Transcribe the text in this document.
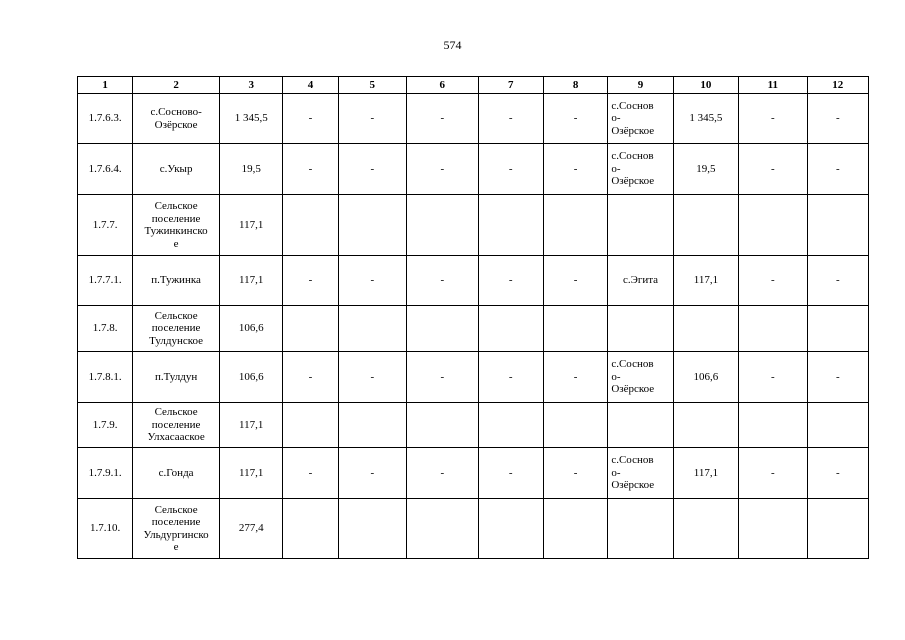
574
1	2	3	4	5	6	7	8	9	10	11	12
1.7.6.3.	с.Сосново-Озёрское	1 345,5	-	-	-	-	-	с.Соснов
о-
Озёрское	1 345,5	-	-
1.7.6.4.	с.Укыр	19,5	-	-	-	-	-	с.Соснов
о-
Озёрское	19,5	-	-
1.7.7.	Сельское
поселение
Тужинкинско
е	117,1									
1.7.7.1.	п.Тужинка	117,1	-	-	-	-	-	с.Эгита	117,1	-	-
1.7.8.	Сельское
поселение
Тулдунское	106,6									
1.7.8.1.	п.Тулдун	106,6	-	-	-	-	-	с.Соснов
о-
Озёрское	106,6	-	-
1.7.9.	Сельское
поселение
Улхасаaское	117,1									
1.7.9.1.	с.Гонда	117,1	-	-	-	-	-	с.Соснов
о-
Озёрское	117,1	-	-
1.7.10.	Сельское
поселение
Ульдургинско
е	277,4									
